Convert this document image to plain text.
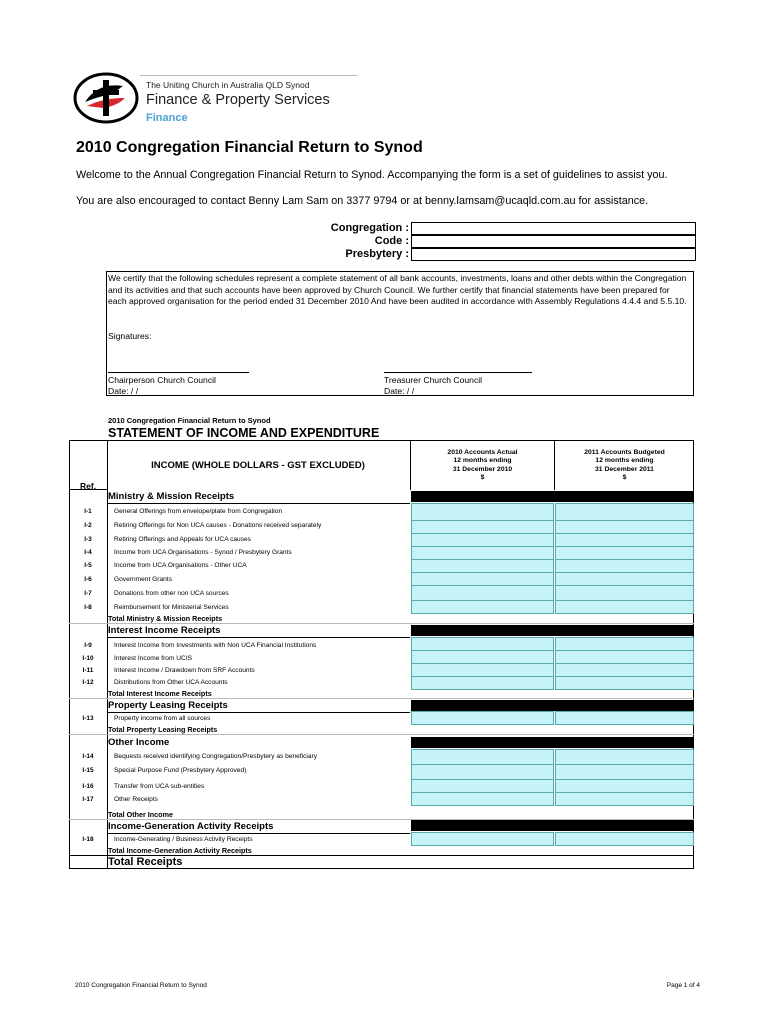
The Uniting Church in Australia QLD Synod
Finance & Property Services
Finance
2010 Congregation Financial Return to Synod
Welcome to the Annual Congregation Financial Return to Synod. Accompanying the form is a set of guidelines to assist you.
You are also encouraged to contact Benny Lam Sam on 3377 9794 or at benny.lamsam@ucaqld.com.au for assistance.
Congregation :
Code :
Presbytery :
We certify that the following schedules represent a complete statement of all bank accounts, investments, loans and other debts within the Congregation and its activities and that such accounts have been approved by Church Council. We further certify that financial statements have been prepared for each approved organisation for the period ended 31 December 2010 And have been audited in accordance with Assembly Regulations 4.4.4 and 5.5.10.
Signatures:
Chairperson Church Council
Date: / /
Treasurer Church Council
Date: / /
2010 Congregation Financial Return to Synod
STATEMENT OF INCOME AND EXPENDITURE
INCOME (WHOLE DOLLARS - GST EXCLUDED)
Ref.
2010 Accounts Actual
12 months ending
31 December 2010
$
2011 Accounts Budgeted
12 months ending
31 December 2011
$
Ministry & Mission Receipts
I-1	General Offerings from envelope/plate from Congregation
I-2	Retiring Offerings for Non UCA causes - Donations received separately
I-3	Retiring Offerings and Appeals for UCA causes
I-4	Income from UCA Organisations - Synod / Presbytery Grants
I-5	Income from UCA Organisations - Other UCA
I-6	Government Grants
I-7	Donations from other non UCA sources
I-8	Reimbursement for Ministerial Services
Total Ministry & Mission Receipts
Interest Income Receipts
I-9	Interest Income from Investments with Non UCA Financial Institutions
I-10	Interest Income from UCIS
I-11	Interest Income / Drawdown from SRF Accounts
I-12	Distributions from Other UCA Accounts
Total Interest Income Receipts
Property Leasing Receipts
I-13	Property income from all sources
Total Property Leasing Receipts
Other Income
I-14	Bequests received identifying Congregation/Presbytery as beneficiary
I-15	Special Purpose Fund (Presbytery Approved)
I-16	Transfer from UCA sub-entities
I-17	Other Receipts
Total Other Income
Income-Generation Activity Receipts
I-18	Income-Generating / Business Activity Receipts
Total Income-Generation Activity Receipts
Total Receipts
2010 Congregation Financial Return to Synod	Page 1 of 4
